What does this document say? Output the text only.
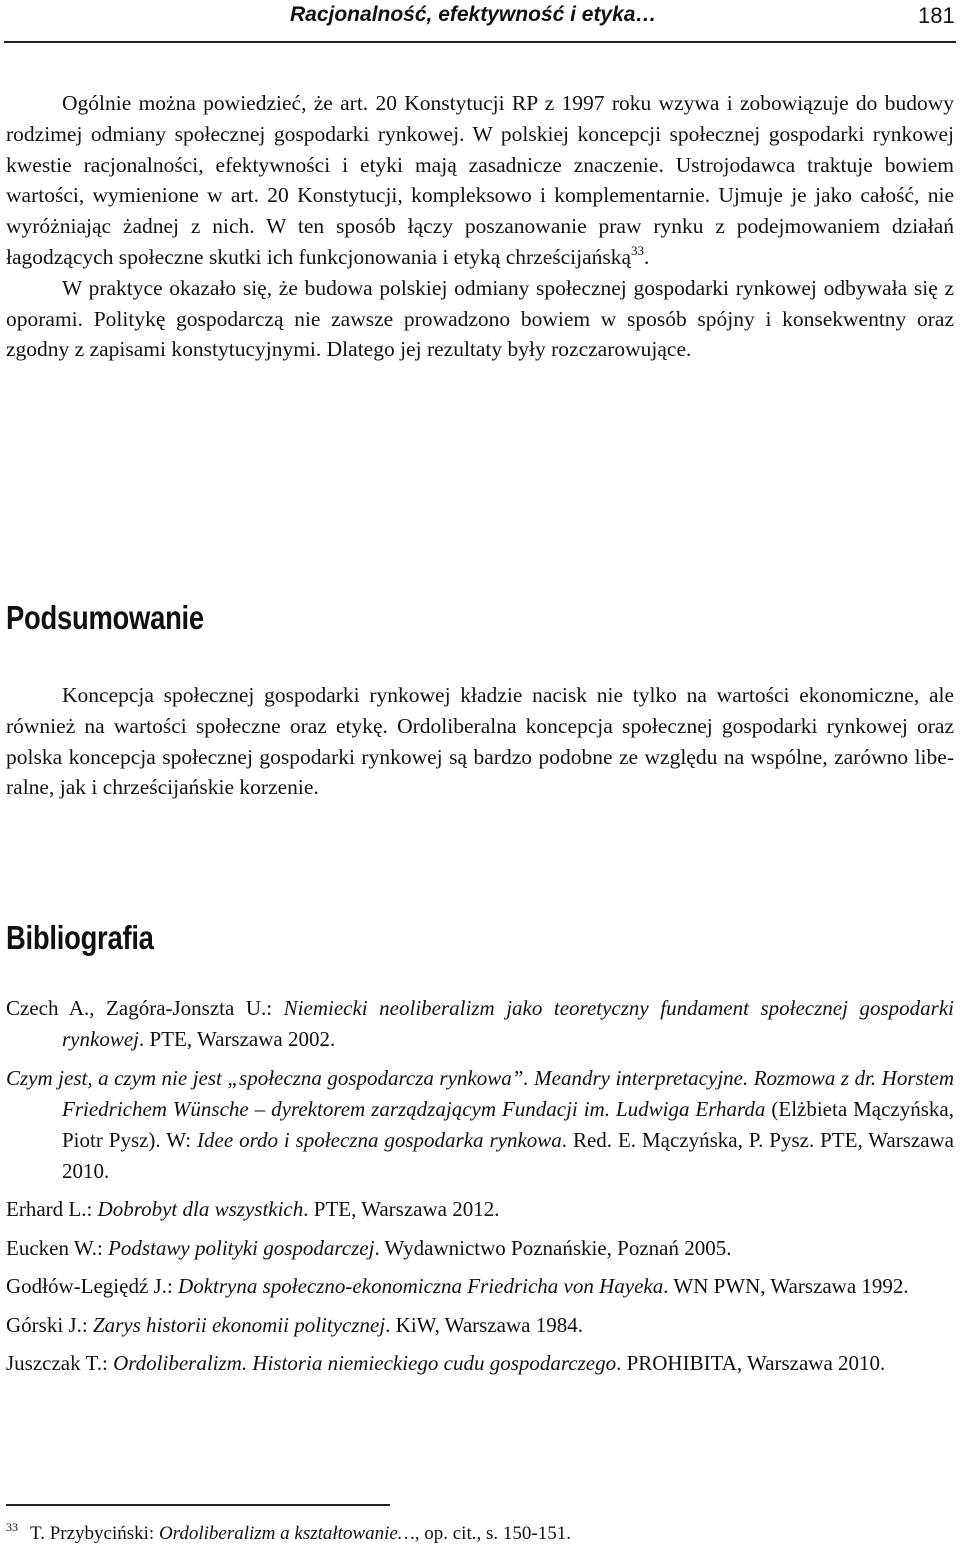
Racjonalność, efektywność i etyka…	181

Ogólnie można powiedzieć, że art. 20 Konstytucji RP z 1997 roku wzywa i zobowiązuje do budowy rodzimej odmiany społecznej gospodarki rynkowej. W polskiej koncepcji społecznej gospodarki rynkowej kwestie racjonalności, efektywności i etyki mają zasadnicze znaczenie. Ustrojodawca traktuje bowiem wartości, wymienione w art. 20 Konstytucji, kompleksowo i komplementarnie. Ujmuje je jako całość, nie wyróżniając żadnej z nich. W ten sposób łączy poszanowanie praw rynku z podejmowaniem działań łagodzących społeczne skutki ich funkcjonowania i etyką chrześcijańską$^{33}$.

W praktyce okazało się, że budowa polskiej odmiany społecznej gospodarki rynkowej odbywała się z oporami. Politykę gospodarczą nie zawsze prowadzono bowiem w sposób spójny i konsekwentny oraz zgodny z zapisami konstytucyjnymi. Dlatego jej rezultaty były rozczarowujące.

Podsumowanie

Koncepcja społecznej gospodarki rynkowej kładzie nacisk nie tylko na wartości ekonomiczne, ale również na wartości społeczne oraz etykę. Ordoliberalna koncepcja społecznej gospodarki rynkowej oraz polska koncepcja społecznej gospodarki rynkowej są bardzo podobne ze względu na wspólne, zarówno liberalne, jak i chrześcijańskie korzenie.

Bibliografia

Czech A., Zagóra-Jonszta U.: Niemiecki neoliberalizm jako teoretyczny fundament społecznej gospodarki rynkowej. PTE, Warszawa 2002.

Czym jest, a czym nie jest „społeczna gospodarcza rynkowa”. Meandry interpretacyjne. Rozmowa z dr. Horstem Friedrichem Wünsche – dyrektorem zarządzającym Fundacji im. Ludwiga Erharda (Elżbieta Mączyńska, Piotr Pysz). W: Idee ordo i społeczna gospodarka rynkowa. Red. E. Mączyńska, P. Pysz. PTE, Warszawa 2010.

Erhard L.: Dobrobyt dla wszystkich. PTE, Warszawa 2012.

Eucken W.: Podstawy polityki gospodarczej. Wydawnictwo Poznańskie, Poznań 2005.

Godłów-Legiędź J.: Doktryna społeczno-ekonomiczna Friedricha von Hayeka. WN PWN, Warszawa 1992.

Górski J.: Zarys historii ekonomii politycznej. KiW, Warszawa 1984.

Juszczak T.: Ordoliberalizm. Historia niemieckiego cudu gospodarczego. PROHIBITA, Warszawa 2010.

$^{33}$ T. Przybyciński: Ordoliberalizm a kształtowanie…, op. cit., s. 150-151.
